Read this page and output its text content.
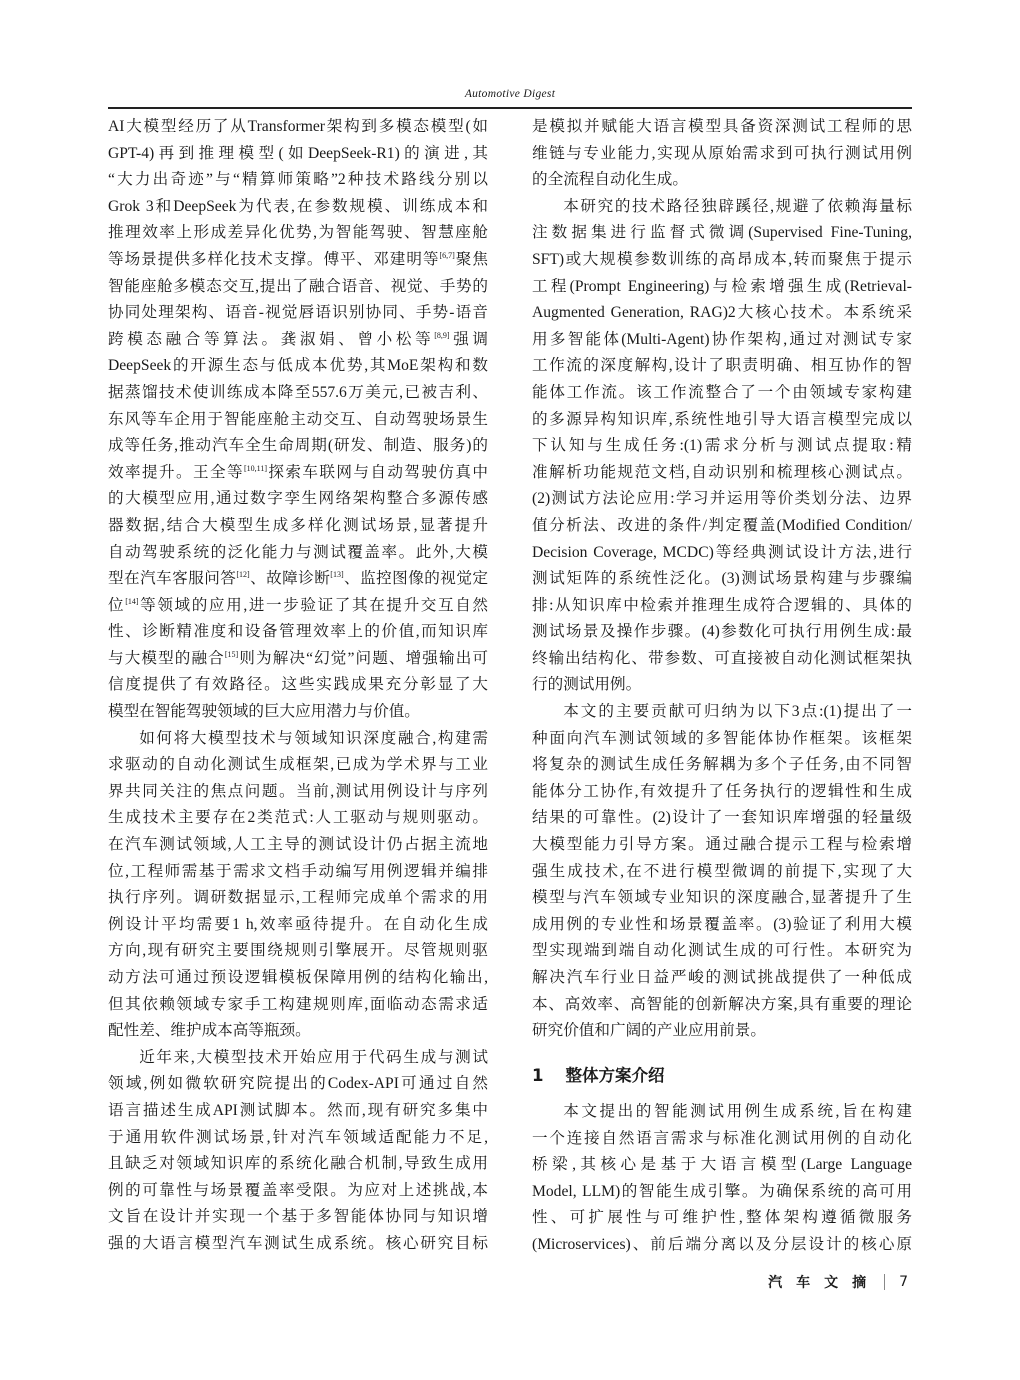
Automotive Digest
AI大模型经历了从Transformer架构到多模态模型(如
GPT-4)再到推理模型(如DeepSeek-R1)的演进,其
“大力出奇迹”与“精算师策略”2种技术路线分别以
Grok 3和DeepSeek为代表,在参数规模、训练成本和
推理效率上形成差异化优势,为智能驾驶、智慧座舱
等场景提供多样化技术支撑。傅平、邓建明等[6,7]聚焦
智能座舱多模态交互,提出了融合语音、视觉、手势的
协同处理架构、语音-视觉唇语识别协同、手势-语音
跨模态融合等算法。龚淑娟、曾小松等[8,9]强调
DeepSeek的开源生态与低成本优势,其MoE架构和数
据蒸馏技术使训练成本降至557.6万美元,已被吉利、
东风等车企用于智能座舱主动交互、自动驾驶场景生
成等任务,推动汽车全生命周期(研发、制造、服务)的
效率提升。王全等[10,11]探索车联网与自动驾驶仿真中
的大模型应用,通过数字孪生网络架构整合多源传感
器数据,结合大模型生成多样化测试场景,显著提升
自动驾驶系统的泛化能力与测试覆盖率。此外,大模
型在汽车客服问答[12]、故障诊断[13]、监控图像的视觉定
位[14]等领域的应用,进一步验证了其在提升交互自然
性、诊断精准度和设备管理效率上的价值,而知识库
与大模型的融合[15]则为解决“幻觉”问题、增强输出可
信度提供了有效路径。这些实践成果充分彰显了大
模型在智能驾驶领域的巨大应用潜力与价值。
如何将大模型技术与领域知识深度融合,构建需
求驱动的自动化测试生成框架,已成为学术界与工业
界共同关注的焦点问题。当前,测试用例设计与序列
生成技术主要存在2类范式:人工驱动与规则驱动。
在汽车测试领域,人工主导的测试设计仍占据主流地
位,工程师需基于需求文档手动编写用例逻辑并编排
执行序列。调研数据显示,工程师完成单个需求的用
例设计平均需要1 h,效率亟待提升。在自动化生成
方向,现有研究主要围绕规则引擎展开。尽管规则驱
动方法可通过预设逻辑模板保障用例的结构化输出,
但其依赖领域专家手工构建规则库,面临动态需求适
配性差、维护成本高等瓶颈。
近年来,大模型技术开始应用于代码生成与测试
领域,例如微软研究院提出的Codex-API可通过自然
语言描述生成API测试脚本。然而,现有研究多集中
于通用软件测试场景,针对汽车领域适配能力不足,
且缺乏对领域知识库的系统化融合机制,导致生成用
例的可靠性与场景覆盖率受限。为应对上述挑战,本
文旨在设计并实现一个基于多智能体协同与知识增
强的大语言模型汽车测试生成系统。核心研究目标
是模拟并赋能大语言模型具备资深测试工程师的思
维链与专业能力,实现从原始需求到可执行测试用例
的全流程自动化生成。
本研究的技术路径独辟蹊径,规避了依赖海量标
注数据集进行监督式微调(Supervised Fine-Tuning,
SFT)或大规模参数训练的高昂成本,转而聚焦于提示
工程(Prompt Engineering)与检索增强生成(Retrieval-
Augmented Generation, RAG)2大核心技术。本系统采
用多智能体(Multi-Agent)协作架构,通过对测试专家
工作流的深度解构,设计了职责明确、相互协作的智
能体工作流。该工作流整合了一个由领域专家构建
的多源异构知识库,系统性地引导大语言模型完成以
下认知与生成任务:(1)需求分析与测试点提取:精
准解析功能规范文档,自动识别和梳理核心测试点。
(2)测试方法论应用:学习并运用等价类划分法、边界
值分析法、改进的条件/判定覆盖(Modified Condition/
Decision Coverage, MCDC)等经典测试设计方法,进行
测试矩阵的系统性泛化。(3)测试场景构建与步骤编
排:从知识库中检索并推理生成符合逻辑的、具体的
测试场景及操作步骤。(4)参数化可执行用例生成:最
终输出结构化、带参数、可直接被自动化测试框架执
行的测试用例。
本文的主要贡献可归纳为以下3点:(1)提出了一
种面向汽车测试领域的多智能体协作框架。该框架
将复杂的测试生成任务解耦为多个子任务,由不同智
能体分工协作,有效提升了任务执行的逻辑性和生成
结果的可靠性。(2)设计了一套知识库增强的轻量级
大模型能力引导方案。通过融合提示工程与检索增
强生成技术,在不进行模型微调的前提下,实现了大
模型与汽车领域专业知识的深度融合,显著提升了生
成用例的专业性和场景覆盖率。(3)验证了利用大模
型实现端到端自动化测试生成的可行性。本研究为
解决汽车行业日益严峻的测试挑战提供了一种低成
本、高效率、高智能的创新解决方案,具有重要的理论
研究价值和广阔的产业应用前景。
1 整体方案介绍
本文提出的智能测试用例生成系统,旨在构建
一个连接自然语言需求与标准化测试用例的自动化
桥梁,其核心是基于大语言模型(Large Language
Model, LLM)的智能生成引擎。为确保系统的高可用
性、可扩展性与可维护性,整体架构遵循微服务
(Microservices)、前后端分离以及分层设计的核心原
汽车文摘 7
